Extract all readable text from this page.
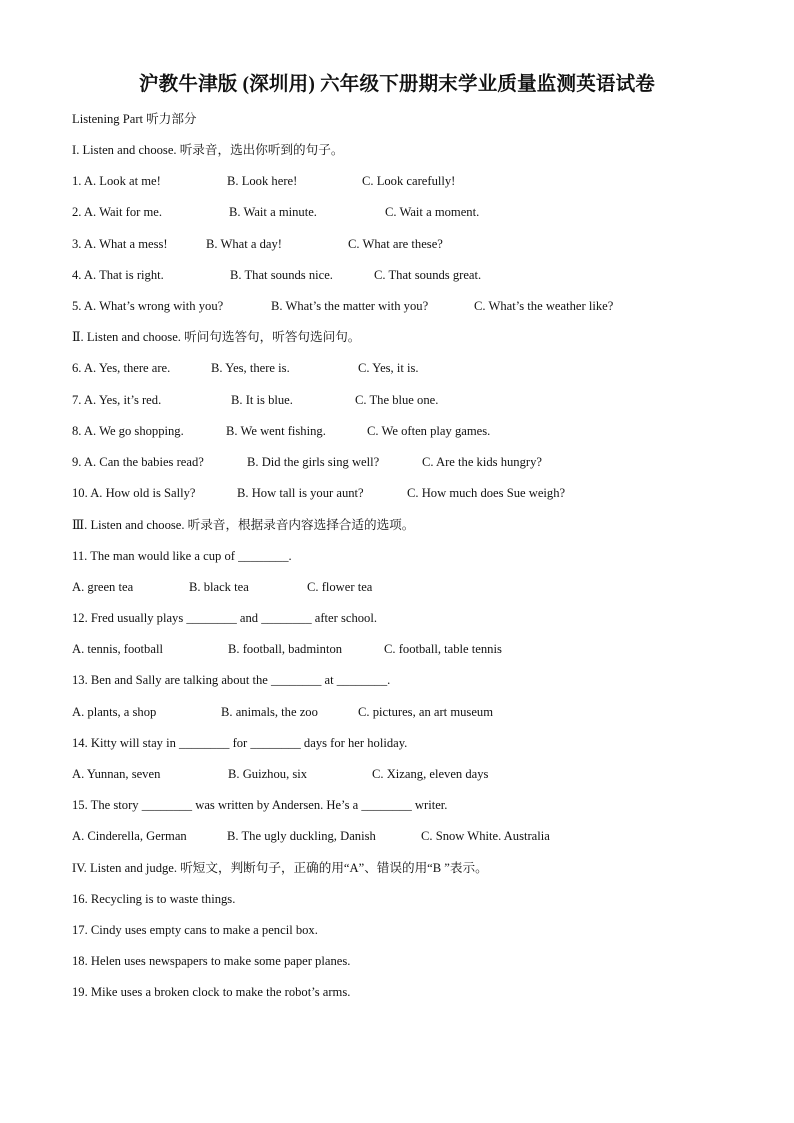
沪教牛津版 (深圳用) 六年级下册期末学业质量监测英语试卷
Listening Part 听力部分
I. Listen and choose. 听录音，选出你听到的句子。
1. A. Look at me!	B. Look here!	C. Look carefully!
2. A. Wait for me.	B. Wait a minute.	C. Wait a moment.
3. A. What a mess!	B. What a day!	C. What are these?
4. A. That is right.	B. That sounds nice.	C. That sounds great.
5. A. What’s wrong with you?	B. What’s the matter with you?	C. What’s the weather like?
Ⅱ. Listen and choose. 听问句选答句，听答句选问句。
6. A. Yes, there are.	B. Yes, there is.	C. Yes, it is.
7. A. Yes, it’s red.	B. It is blue.	C. The blue one.
8. A. We go shopping.	B. We went fishing.	C. We often play games.
9. A. Can the babies read?	B. Did the girls sing well?	C. Are the kids hungry?
10. A. How old is Sally?	B. How tall is your aunt?	C. How much does Sue weigh?
Ⅲ. Listen and choose. 听录音，根据录音内容选择合适的选项。
11. The man would like a cup of ________.
A. green tea	B. black tea	C. flower tea
12. Fred usually plays ________ and ________ after school.
A. tennis, football	B. football, badminton	C. football, table tennis
13. Ben and Sally are talking about the ________ at ________.
A. plants, a shop	B. animals, the zoo	C. pictures, an art museum
14. Kitty will stay in ________ for ________ days for her holiday.
A. Yunnan, seven	B. Guizhou, six	C. Xizang, eleven days
15. The story ________ was written by Andersen. He’s a ________ writer.
A. Cinderella, German	B. The ugly duckling, Danish	C. Snow White. Australia
IV. Listen and judge. 听短文，判断句子，正确的用“A”、错误的用“B ”表示。
16. Recycling is to waste things.
17. Cindy uses empty cans to make a pencil box.
18. Helen uses newspapers to make some paper planes.
19. Mike uses a broken clock to make the robot’s arms.
